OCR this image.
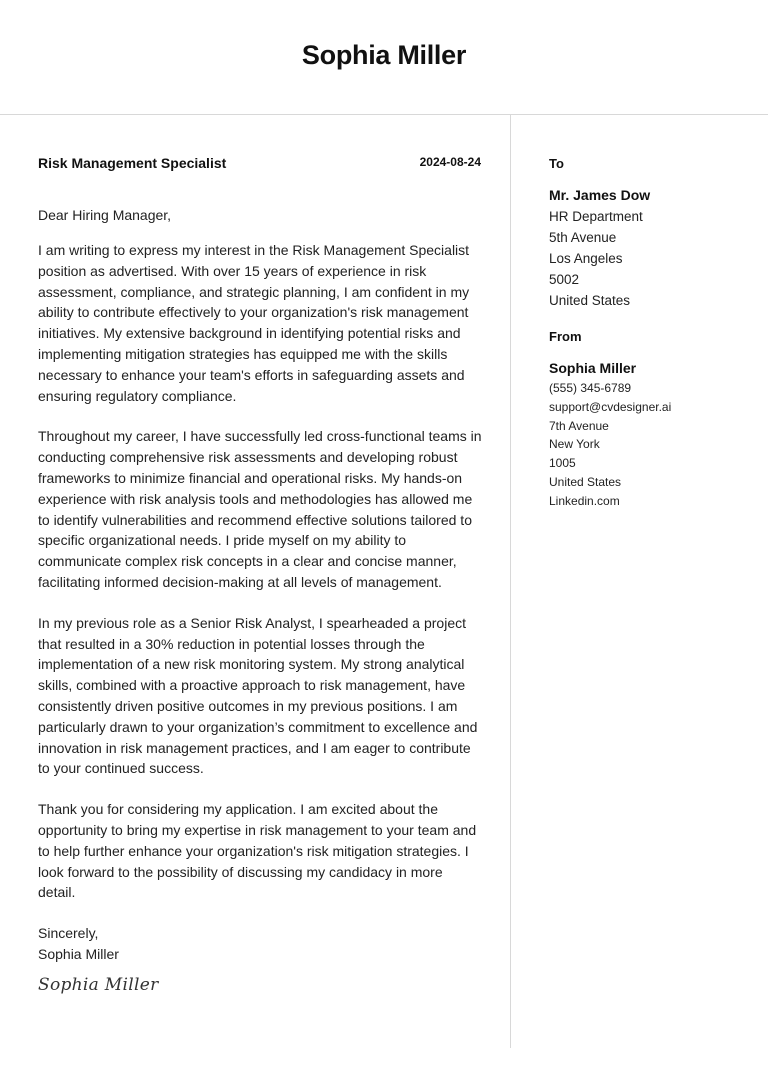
Sophia Miller
Risk Management Specialist	2024-08-24
Dear Hiring Manager,

I am writing to express my interest in the Risk Management Specialist position as advertised. With over 15 years of experience in risk assessment, compliance, and strategic planning, I am confident in my ability to contribute effectively to your organization's risk management initiatives. My extensive background in identifying potential risks and implementing mitigation strategies has equipped me with the skills necessary to enhance your team's efforts in safeguarding assets and ensuring regulatory compliance.

Throughout my career, I have successfully led cross-functional teams in conducting comprehensive risk assessments and developing robust frameworks to minimize financial and operational risks. My hands-on experience with risk analysis tools and methodologies has allowed me to identify vulnerabilities and recommend effective solutions tailored to specific organizational needs. I pride myself on my ability to communicate complex risk concepts in a clear and concise manner, facilitating informed decision-making at all levels of management.

In my previous role as a Senior Risk Analyst, I spearheaded a project that resulted in a 30% reduction in potential losses through the implementation of a new risk monitoring system. My strong analytical skills, combined with a proactive approach to risk management, have consistently driven positive outcomes in my previous positions. I am particularly drawn to your organization’s commitment to excellence and innovation in risk management practices, and I am eager to contribute to your continued success.

Thank you for considering my application. I am excited about the opportunity to bring my expertise in risk management to your team and to help further enhance your organization's risk mitigation strategies. I look forward to the possibility of discussing my candidacy in more detail.

Sincerely,
Sophia Miller
Sophia Miller
To
Mr. James Dow
HR Department
5th Avenue
Los Angeles
5002
United States
From
Sophia Miller
(555) 345-6789
support@cvdesigner.ai
7th Avenue
New York
1005
United States
Linkedin.com
